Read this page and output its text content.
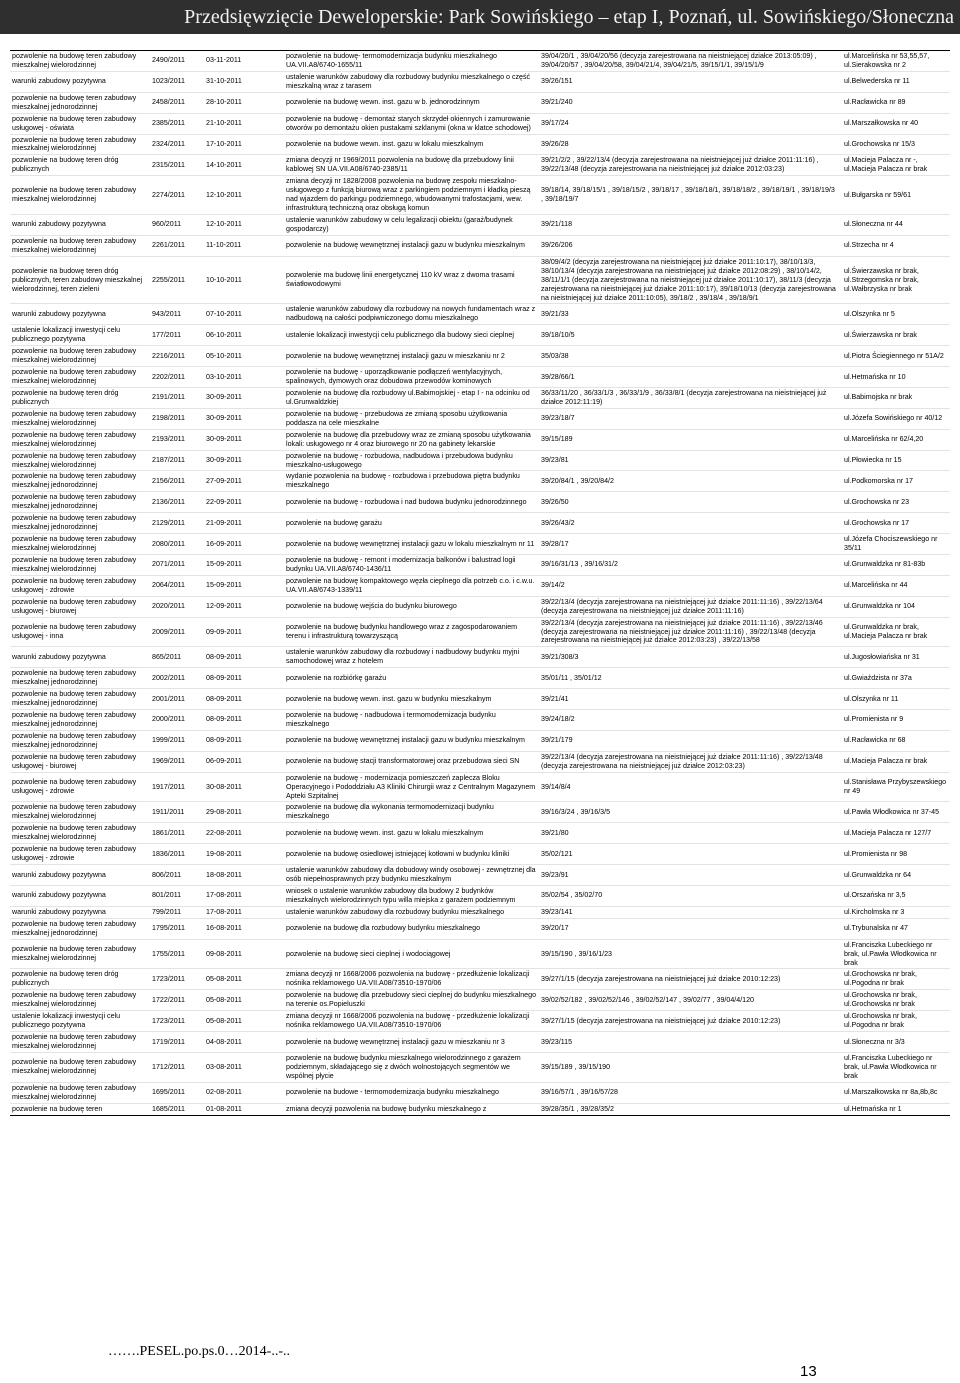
Przedsięwzięcie Deweloperskie: Park Sowińskiego – etap I, Poznań, ul. Sowińskiego/Słoneczna
pozwolenie na budowę teren zabudowy mieszkalnej wielorodzinnej	2490/2011	03-11-2011	pozwolenie na budowę- termomodernizacja budynku mieszkalnego UA.VII.A8/6740-1655/11	39/04/20/1 , 39/04/20/56 (decyzja zarejestrowana na nieistniejącej działce 2013:05:09) , 39/04/20/57 , 39/04/20/58, 39/04/21/4, 39/04/21/5, 39/15/1/1, 39/15/1/9	ul.Marcelińska nr 53,55,57, ul.Sierakowska nr 2
warunki zabudowy pozytywna	1023/2011	31-10-2011	ustalenie warunków zabudowy dla rozbudowy budynku mieszkalnego o część mieszkalną wraz z tarasem	39/26/151	ul.Belwederska nr 11
pozwolenie na budowę teren zabudowy mieszkalnej jednorodzinnej	2458/2011	28-10-2011	pozwolenie na budowę wewn. inst. gazu w b. jednorodzinnym	39/21/240	ul.Racławicka nr 89
pozwolenie na budowę teren zabudowy usługowej - oświata	2385/2011	21-10-2011	pozwolenie na budowę - demontaż starych skrzydeł okiennych i zamurowanie otworów po demontażu okien pustakami szklanymi (okna w klatce schodowej)	39/17/24	ul.Marszałkowska nr 40
pozwolenie na budowę teren zabudowy mieszkalnej wielorodzinnej	2324/2011	17-10-2011	pozwolenie na budowe wewn. inst. gazu w lokalu mieszkalnym	39/26/28	ul.Grochowska nr 15/3
pozwolenie na budowę teren dróg publicznych	2315/2011	14-10-2011	zmiana decyzji nr 1969/2011 pozwolenia na budowę dla przebudowy linii kablowej SN UA.VII.A08/6740-2385/11	39/21/2/2 , 39/22/13/4 (decyzja zarejestrowana na nieistniejącej już działce 2011:11:16) , 39/22/13/48 (decyzja zarejestrowana na nieistniejącej już działce 2012:03:23)	ul.Macieja Palacza nr -, ul.Macieja Palacza nr brak
pozwolenie na budowę teren zabudowy mieszkalnej wielorodzinnej	2274/2011	12-10-2011	zmiana decyzji nr 1828/2008 pozwolenia na budowę zespołu mieszkalno-usługowego z funkcją biurową wraz z parkingiem podziemnym i kładką pieszą nad wjazdem do parkingu podziemnego, wbudowanymi trafostacjami, wew. infrastrukturą techniczną oraz obsługą komun	39/18/14, 39/18/15/1 , 39/18/15/2 , 39/18/17 , 39/18/18/1, 39/18/18/2 , 39/18/19/1 , 39/18/19/3 , 39/18/19/7	ul.Bułgarska nr 59/61
warunki zabudowy pozytywna	960/2011	12-10-2011	ustalenie warunków zabudowy w celu legalizacji obiektu (garaż/budynek gospodarczy)	39/21/118	ul.Słoneczna nr 44
pozwolenie na budowę teren zabudowy mieszkalnej wielorodzinnej	2261/2011	11-10-2011	pozwolenie na budowę wewnętrznej instalacji gazu w budynku mieszkalnym	39/26/206	ul.Strzecha nr 4
pozwolenie na budowę teren dróg publicznych, teren zabudowy mieszkalnej wielorodzinnej, teren zieleni	2255/2011	10-10-2011	pozwolenie ma budowę linii energetycznej 110 kV wraz z dwoma trasami światłowodowymi	38/09/4/2 (decyzja zarejestrowana na nieistniejącej już działce 2011:10:17), 38/10/13/3, 38/10/13/4 (decyzja zarejestrowana na nieistniejącej już działce 2012:08:29) , 38/10/14/2, 38/11/1/1 (decyzja zarejestrowana na nieistniejącej już działce 2011:10:17), 38/11/3 (decyzja zarejestrowana na nieistniejącej już działce 2011:10:17), 39/18/10/13 (decyzja zarejestrowana na nieistniejącej już działce 2011:10:05), 39/18/2 , 39/18/4 , 39/18/9/1	ul.Świerzawska nr brak, ul.Strzegomska nr brak, ul.Wałbrzyska nr brak
warunki zabudowy pozytywna	943/2011	07-10-2011	ustalenie warunków zabudowy dla rozbudowy na nowych fundamentach wraz z nadbudową na całości podpiwniczonego domu mieszkalnego	39/21/33	ul.Olszynka nr 5
ustalenie lokalizacji inwestycji celu publicznego pozytywna	177/2011	06-10-2011	ustalenie lokalizacji inwestycji celu publicznego dla budowy sieci cieplnej	39/18/10/5	ul.Świerzawska nr brak
pozwolenie na budowę teren zabudowy mieszkalnej wielorodzinnej	2216/2011	05-10-2011	pozwolenie na budowę wewnętrznej instalacji gazu w mieszkaniu nr 2	35/03/38	ul.Piotra Ściegiennego nr 51A/2
pozwolenie na budowę teren zabudowy mieszkalnej wielorodzinnej	2202/2011	03-10-2011	pozwolenie na budowę - uporządkowanie podłączeń wentylacyjnych, spalinowych, dymowych oraz dobudowa przewodów kominowych	39/28/66/1	ul.Hetmańska nr 10
pozwolenie na budowę teren dróg publicznych	2191/2011	30-09-2011	pozwolenie na budowę dla rozbudowy ul.Babimojskiej - etap I - na odcinku od ul.Grunwaldzkiej	36/33/11/20 , 36/33/1/3 , 36/33/1/9 , 36/33/8/1 (decyzja zarejestrowana na nieistniejącej już działce 2012:11:19)	ul.Babimojska nr brak
pozwolenie na budowę teren zabudowy mieszkalnej wielorodzinnej	2198/2011	30-09-2011	pozwolenie na budowę - przebudowa ze zmianą sposobu użytkowania poddasza na cele mieszkalne	39/23/18/7	ul.Józefa Sowińskiego nr 40/12
pozwolenie na budowę teren zabudowy mieszkalnej wielorodzinnej	2193/2011	30-09-2011	pozwolenie na budowę dla przebudowy wraz ze zmianą sposobu użytkowania lokali: usługowego nr 4 oraz biurowego nr 20 na gabinety lekarskie	39/15/189	ul.Marcelińska nr 62/4,20
pozwolenie na budowę teren zabudowy mieszkalnej wielorodzinnej	2187/2011	30-09-2011	pozwolenie na budowę - rozbudowa, nadbudowa i przebudowa budynku mieszkalno-usługowego	39/23/81	ul.Płowiecka nr 15
pozwolenie na budowę teren zabudowy mieszkalnej jednorodzinnej	2156/2011	27-09-2011	wydanie pozwolenia na budowę - rozbudowa i przebudowa piętra budynku mieszkalnego	39/20/84/1 , 39/20/84/2	ul.Podkomorska nr 17
pozwolenie na budowę teren zabudowy mieszkalnej jednorodzinnej	2136/2011	22-09-2011	pozwolenie na budowę - rozbudowa i nad budowa budynku jednorodzinnego	39/26/50	ul.Grochowska nr 23
pozwolenie na budowę teren zabudowy mieszkalnej jednorodzinnej	2129/2011	21-09-2011	pozwolenie na budowę garażu	39/26/43/2	ul.Grochowska nr 17
pozwolenie na budowę teren zabudowy mieszkalnej wielorodzinnej	2080/2011	16-09-2011	pozwolenie na budowę wewnętrznej instalacji gazu w lokalu mieszkalnym nr 11	39/28/17	ul.Józefa Chociszewskiego nr 35/11
pozwolenie na budowę teren zabudowy mieszkalnej wielorodzinnej	2071/2011	15-09-2011	pozwolenie na budowę - remont i modernizacja balkonów i balustrad logii budynku UA.VII.A8/6740-1436/11	39/16/31/13 , 39/16/31/2	ul.Grunwaldzka nr 81-83b
pozwolenie na budowę teren zabudowy usługowej - zdrowie	2064/2011	15-09-2011	pozwolenie na budowę kompaktowego węzła cieplnego dla potrzeb c.o. i c.w.u. UA.VII.A8/6743-1339/11	39/14/2	ul.Marcelińska nr 44
pozwolenie na budowę teren zabudowy usługowej - biurowej	2020/2011	12-09-2011	pozwolenie na budowę wejścia do budynku biurowego	39/22/13/4 (decyzja zarejestrowana na nieistniejącej już działce 2011:11:16) , 39/22/13/64 (decyzja zarejestrowana na nieistniejącej już działce 2011:11:16)	ul.Grunwaldzka nr 104
pozwolenie na budowę teren zabudowy usługowej - inna	2009/2011	09-09-2011	pozwolenie na budowę budynku handlowego wraz z zagospodarowaniem terenu i infrastrukturą towarzyszącą	39/22/13/4 (decyzja zarejestrowana na nieistniejącej już działce 2011:11:16) , 39/22/13/46 (decyzja zarejestrowana na nieistniejącej już działce 2011:11:16) , 39/22/13/48 (decyzja zarejestrowana na nieistniejącej już działce 2012:03:23) , 39/22/13/58	ul.Grunwaldzka nr brak, ul.Macieja Palacza nr brak
warunki zabudowy pozytywna	865/2011	08-09-2011	ustalenie warunków zabudowy dla rozbudowy i nadbudowy budynku myjni samochodowej wraz z hotelem	39/21/308/3	ul.Jugosłowiańska nr 31
pozwolenie na budowę teren zabudowy mieszkalnej jednorodzinnej	2002/2011	08-09-2011	pozwolenie na rozbiórkę garażu	35/01/11 , 35/01/12	ul.Gwiaździsta nr 37a
pozwolenie na budowę teren zabudowy mieszkalnej jednorodzinnej	2001/2011	08-09-2011	pozwolenie na budowę wewn. inst. gazu w budynku mieszkalnym	39/21/41	ul.Olszynka nr 11
pozwolenie na budowę teren zabudowy mieszkalnej jednorodzinnej	2000/2011	08-09-2011	pozwolenie na budowę - nadbudowa i termomodernizacja budynku mieszkalnego	39/24/18/2	ul.Promienista nr 9
pozwolenie na budowę teren zabudowy mieszkalnej jednorodzinnej	1999/2011	08-09-2011	pozwolenie na budowę wewnętrznej instalacji gazu w budynku mieszkalnym	39/21/179	ul.Racławicka nr 68
pozwolenie na budowę teren zabudowy usługowej - biurowej	1969/2011	06-09-2011	pozwolenie na budowę stacji transformatorowej oraz przebudowa sieci SN	39/22/13/4 (decyzja zarejestrowana na nieistniejącej już działce 2011:11:16) , 39/22/13/48 (decyzja zarejestrowana na nieistniejącej już działce 2012:03:23)	ul.Macieja Palacza nr brak
pozwolenie na budowę teren zabudowy usługowej - zdrowie	1917/2011	30-08-2011	pozwolenie na budowę - modernizacja pomieszczeń zaplecza Bloku Operacyjnego i Pododdziału A3 Kliniki Chirurgii wraz z Centralnym Magazynem Apteki Szpitalnej	39/14/8/4	ul.Stanisława Przybyszewskiego nr 49
pozwolenie na budowę teren zabudowy mieszkalnej wielorodzinnej	1911/2011	29-08-2011	pozwolenie na budowę dla wykonania termomodernizacji budynku mieszkalnego	39/16/3/24 , 39/16/3/5	ul.Pawła Włodkowica nr 37-45
pozwolenie na budowę teren zabudowy mieszkalnej wielorodzinnej	1861/2011	22-08-2011	pozwolenie na budowę wewn. inst. gazu w lokalu mieszkalnym	39/21/80	ul.Macieja Palacza nr 127/7
pozwolenie na budowę teren zabudowy usługowej - zdrowie	1836/2011	19-08-2011	pozwolenie na budowę osiedlowej istniejącej kotłowni w budynku kliniki	35/02/121	ul.Promienista nr 98
warunki zabudowy pozytywna	806/2011	18-08-2011	ustalenie warunków zabudowy dla dobudowy windy osobowej - zewnętrznej dla osób niepełnosprawnych przy budynku mieszkalnym	39/23/91	ul.Grunwaldzka nr 64
warunki zabudowy pozytywna	801/2011	17-08-2011	wniosek o ustalenie warunków zabudowy dla budowy 2 budynków mieszkalnych wielorodzinnych typu willa miejska z garażem podziemnym	35/02/54 , 35/02/70	ul.Orszańska nr 3,5
warunki zabudowy pozytywna	799/2011	17-08-2011	ustalenie warunków zabudowy dla rozbudowy budynku mieszkalnego	39/23/141	ul.Kircholmska nr 3
pozwolenie na budowę teren zabudowy mieszkalnej jednorodzinnej	1795/2011	16-08-2011	pozwolenie na budowę dla rozbudowy budynku mieszkalnego	39/20/17	ul.Trybunalska nr 47
pozwolenie na budowę teren zabudowy mieszkalnej wielorodzinnej	1755/2011	09-08-2011	pozwolenie na budowę sieci cieplnej i wodociągowej	39/15/190 , 39/16/1/23	ul.Franciszka Lubeckiego nr brak, ul.Pawła Włodkowica nr brak
pozwolenie na budowę teren dróg publicznych	1723/2011	05-08-2011	zmiana decyzji nr 1668/2006 pozwolenia na budowę - przedłużenie lokalizacji nośnika reklamowego UA.VII.A08/73510-1970/06	39/27/1/15 (decyzja zarejestrowana na nieistniejącej już działce 2010:12:23)	ul.Grochowska nr brak, ul.Pogodna nr brak
pozwolenie na budowę teren zabudowy mieszkalnej wielorodzinnej	1722/2011	05-08-2011	pozwolenie na budowę dla przebudowy sieci cieplnej do budynku mieszkalnego na terenie os.Popieluszki	39/02/52/182 , 39/02/52/146 , 39/02/52/147 , 39/02/77 , 39/04/4/120	ul.Grochowska nr brak, ul.Grochowska nr brak
ustalenie lokalizacji inwestycji celu publicznego pozytywna	1723/2011	05-08-2011	zmiana decyzji nr 1668/2006 pozwolenia na budowę - przedłużenie lokalizacji nośnika reklamowego UA.VII.A08/73510-1970/06	39/27/1/15 (decyzja zarejestrowana na nieistniejącej już działce 2010:12:23)	ul.Grochowska nr brak, ul.Pogodna nr brak
pozwolenie na budowę teren zabudowy mieszkalnej wielorodzinnej	1719/2011	04-08-2011	pozwolenie na budowę wewnętrznej instalacji gazu w mieszkaniu nr 3	39/23/115	ul.Słoneczna nr 3/3
pozwolenie na budowę teren zabudowy mieszkalnej wielorodzinnej	1712/2011	03-08-2011	pozwolenie na budowę budynku mieszkalnego wielorodzinnego z garażem podziemnym, składającego się z dwóch wolnostojących segmentów we wspólnej płycie	39/15/189 , 39/15/190	ul.Franciszka Lubeckiego nr brak, ul.Pawła Włodkowica nr brak
pozwolenie na budowę teren zabudowy mieszkalnej wielorodzinnej	1695/2011	02-08-2011	pozwolenie na budowe - termomodernizacja budynku mieszkalnego	39/16/57/1 , 39/16/57/28	ul.Marszałkowska nr 8a,8b,8c
pozwolenie na budowę teren	1685/2011	01-08-2011	zmiana decyzji pozwolenia na budowę budynku mieszkalnego z	39/28/35/1 , 39/28/35/2	ul.Hetmańska nr 1
…….PESEL.po.ps.0…2014-..-..
13
